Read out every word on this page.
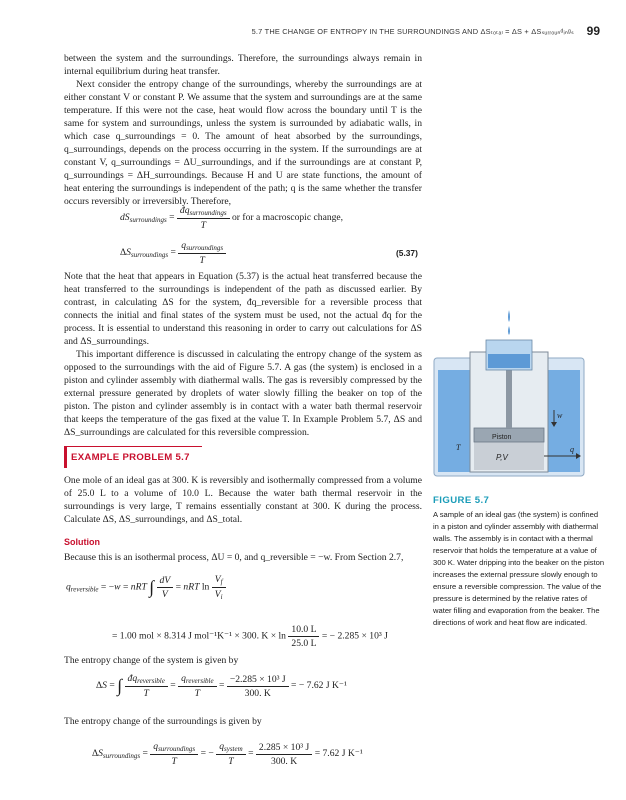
5.7 THE CHANGE OF ENTROPY IN THE SURROUNDINGS AND ΔSₜₒₜₐₗ = ΔS + ΔSₛᵤᵣᵣₒᵤₙᵈᵢₙᵍₛ 99

between the system and the surroundings. Therefore, the surroundings always remain in internal equilibrium during heat transfer.

Next consider the entropy change of the surroundings, whereby the surroundings are at either constant V or constant P. We assume that the system and surroundings are at the same temperature. If this were not the case, heat would flow across the boundary until T is the same for system and surroundings, unless the system is surrounded by adiabatic walls, in which case q_surroundings = 0. The amount of heat absorbed by the surroundings, q_surroundings, depends on the process occurring in the system. If the surroundings are at constant V, q_surroundings = ΔU_surroundings, and if the surroundings are at constant P, q_surroundings = ΔH_surroundings. Because H and U are state functions, the amount of heat entering the surroundings is independent of the path; q is the same whether the transfer occurs reversibly or irreversibly. Therefore,

$dS_{surroundings} = \frac{đq_{surroundings}}{T}$ or for a macroscopic change,
$\Delta S_{surroundings} = \frac{q_{surroundings}}{T}$	(5.37)

Note that the heat that appears in Equation (5.37) is the actual heat transferred because the heat transferred to the surroundings is independent of the path as discussed earlier. By contrast, in calculating ΔS for the system, đq_reversible for a reversible process that connects the initial and final states of the system must be used, not the actual đq for the process. It is essential to understand this reasoning in order to carry out calculations for ΔS and ΔS_surroundings.

This important difference is discussed in calculating the entropy change of the system as opposed to the surroundings with the aid of Figure 5.7. A gas (the system) is enclosed in a piston and cylinder assembly with diathermal walls. The gas is reversibly compressed by the external pressure generated by droplets of water slowly filling the beaker on top of the piston. The piston and cylinder assembly is in contact with a water bath thermal reservoir that keeps the temperature of the gas fixed at the value T. In Example Problem 5.7, ΔS and ΔS_surroundings are calculated for this reversible compression.	Piston
P,V
T
w
q
EXAMPLE PROBLEM 5.7

One mole of an ideal gas at 300. K is reversibly and isothermally compressed from a volume of 25.0 L to a volume of 10.0 L. Because the water bath thermal reservoir in the surroundings is very large, T remains essentially constant at 300. K during the process. Calculate ΔS, ΔS_surroundings, and ΔS_total.

Solution

Because this is an isothermal process, ΔU = 0, and q_reversible = −w. From Section 2.7,

$q_{reversible} = -w$ = nRT ∫ $\frac{dV}{V}$ = nRT $\ln \frac{V_f}{V_i}$
= 1.00 mol × 8.314 J mol⁻¹K⁻¹ × 300. $K \times \ln \frac{10.0 L}{25.0 L}$ = − 2.285 × 10³ J

The entropy change of the system is given by

ΔS = ∫ $\frac{đq_{reversible}}{T} = \frac{q_{reversible}}{T} = \frac{\text{−2.285 × 10³ J}}{300. K}$ = − 7.62 J K⁻¹

The entropy change of the surroundings is given by

$\Delta S_{surroundings} = \frac{q_{surroundings}}{T}$ = − $\frac{q_{system}}{T} = \frac{\text{2.285 × 10³ J}}{300. K} = 7.62$ J K⁻¹
FIGURE 5.7
A sample of an ideal gas (the system) is confined in a piston and cylinder assembly with diathermal walls. The assembly is in contact with a thermal reservoir that holds the temperature at a value of 300 K. Water dripping into the beaker on the piston increases the external pressure slowly enough to ensure a reversible compression. The value of the pressure is determined by the relative rates of water filling and evaporation from the beaker. The directions of work and heat flow are indicated.
